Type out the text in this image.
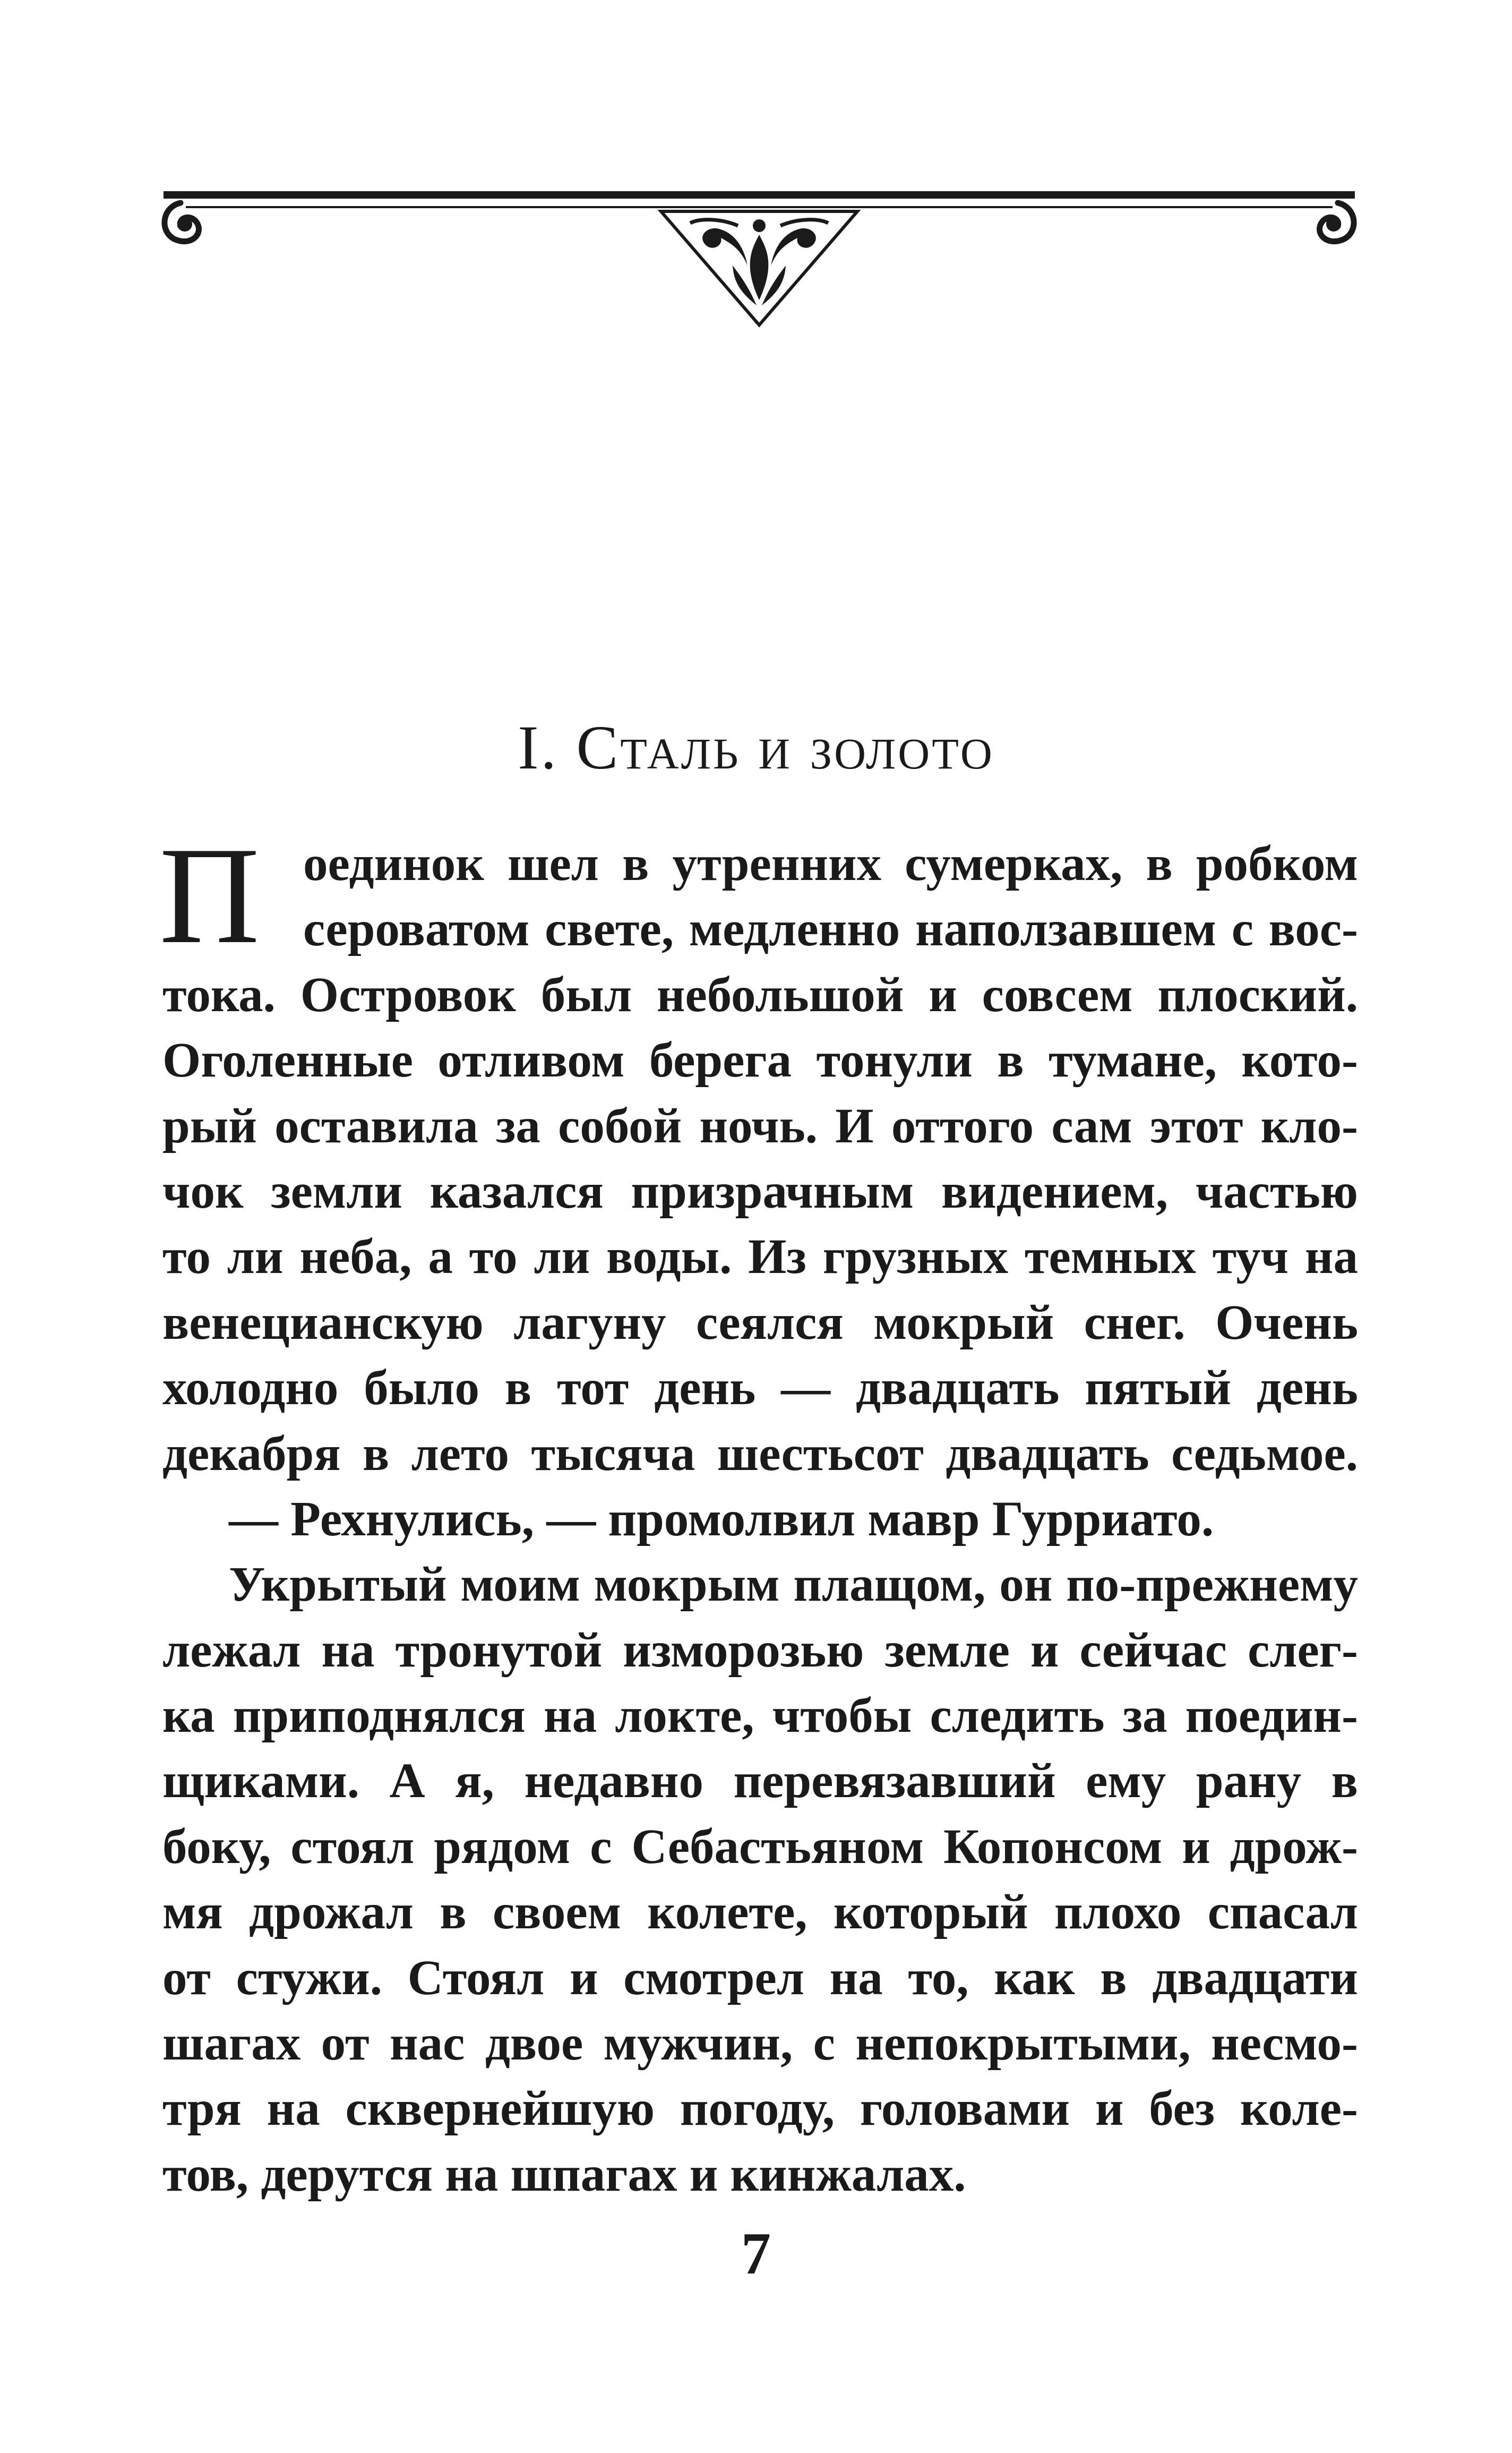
I. Сталь и золото
П оединок шел в утренних сумерках, в робком
сероватом свете, медленно наползавшем с вос-
тока. Островок был небольшой и совсем плоский.
Оголенные отливом берега тонули в тумане, кото-
рый оставила за собой ночь. И оттого сам этот кло-
чок земли казался призрачным видением, частью
то ли неба, а то ли воды. Из грузных темных туч на
венецианскую лагуну сеялся мокрый снег. Очень
холодно было в тот день — двадцать пятый день
декабря в лето тысяча шестьсот двадцать седьмое.
— Рехнулись, — промолвил мавр Гурриато.
Укрытый моим мокрым плащом, он по-прежнему
лежал на тронутой изморозью земле и сейчас слег-
ка приподнялся на локте, чтобы следить за поедин-
щиками. А я, недавно перевязавший ему рану в
боку, стоял рядом с Себастьяном Копонсом и дрож-
мя дрожал в своем колете, который плохо спасал
от стужи. Стоял и смотрел на то, как в двадцати
шагах от нас двое мужчин, с непокрытыми, несмо-
тря на сквернейшую погоду, головами и без коле-
тов, дерутся на шпагах и кинжалах.
7
